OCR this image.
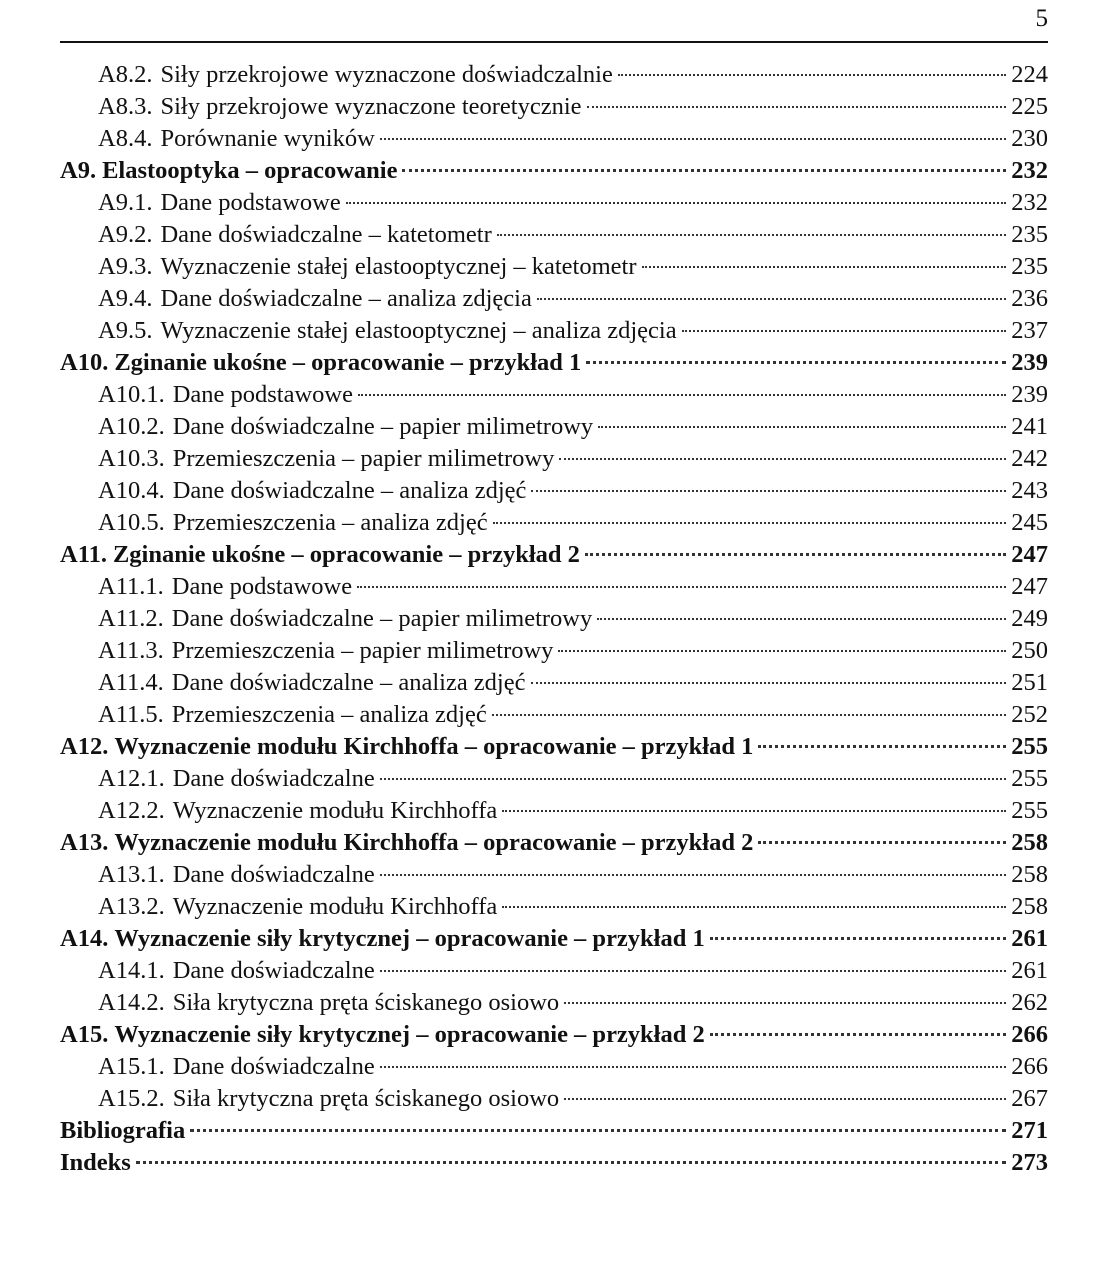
5
A8.2. Siły przekrojowe wyznaczone doświadczalnie	224
A8.3. Siły przekrojowe wyznaczone teoretycznie	225
A8.4. Porównanie wyników	230
A9. Elastooptyka – opracowanie	232
A9.1. Dane podstawowe	232
A9.2. Dane doświadczalne – katetometr	235
A9.3. Wyznaczenie stałej elastooptycznej – katetometr	235
A9.4. Dane doświadczalne – analiza zdjęcia	236
A9.5. Wyznaczenie stałej elastooptycznej – analiza zdjęcia	237
A10. Zginanie ukośne – opracowanie – przykład 1	239
A10.1. Dane podstawowe	239
A10.2. Dane doświadczalne – papier milimetrowy	241
A10.3. Przemieszczenia – papier milimetrowy	242
A10.4. Dane doświadczalne – analiza zdjęć	243
A10.5. Przemieszczenia – analiza zdjęć	245
A11. Zginanie ukośne – opracowanie – przykład 2	247
A11.1. Dane podstawowe	247
A11.2. Dane doświadczalne – papier milimetrowy	249
A11.3. Przemieszczenia – papier milimetrowy	250
A11.4. Dane doświadczalne – analiza zdjęć	251
A11.5. Przemieszczenia – analiza zdjęć	252
A12. Wyznaczenie modułu Kirchhoffa – opracowanie – przykład 1	255
A12.1. Dane doświadczalne	255
A12.2. Wyznaczenie modułu Kirchhoffa	255
A13. Wyznaczenie modułu Kirchhoffa – opracowanie – przykład 2	258
A13.1. Dane doświadczalne	258
A13.2. Wyznaczenie modułu Kirchhoffa	258
A14. Wyznaczenie siły krytycznej – opracowanie – przykład 1	261
A14.1. Dane doświadczalne	261
A14.2. Siła krytyczna pręta ściskanego osiowo	262
A15. Wyznaczenie siły krytycznej – opracowanie – przykład 2	266
A15.1. Dane doświadczalne	266
A15.2. Siła krytyczna pręta ściskanego osiowo	267
Bibliografia	271
Indeks	273
